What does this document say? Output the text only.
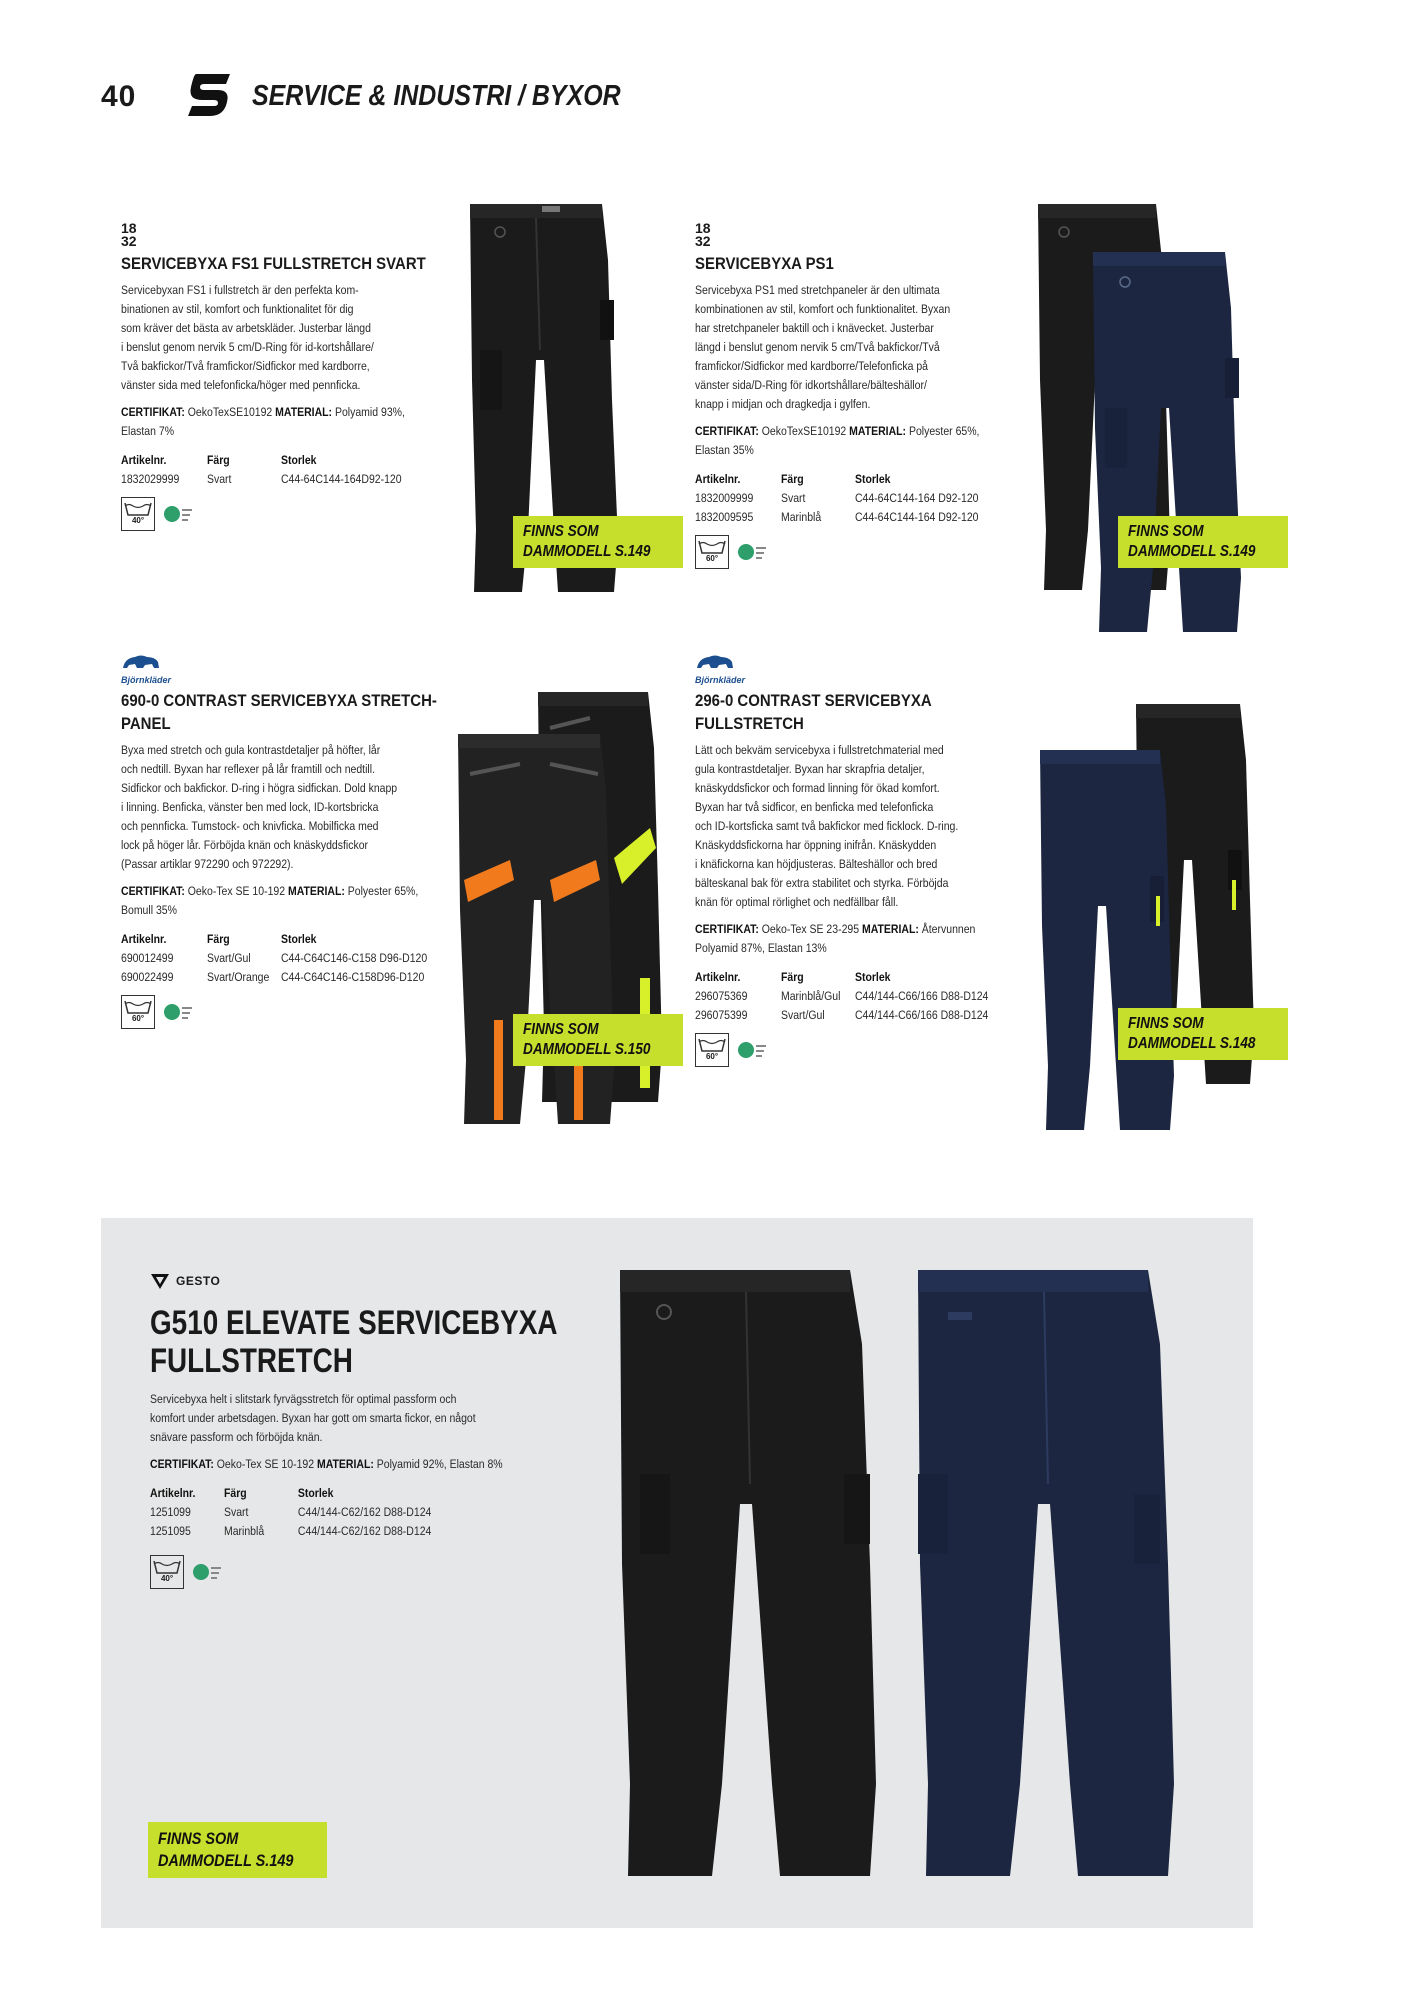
40	SERVICE & INDUSTRI / BYXOR
18
32
SERVICEBYXA FS1 FULLSTRETCH SVART
Servicebyxan FS1 i fullstretch är den perfekta kom-
binationen av stil, komfort och funktionalitet för dig
som kräver det bästa av arbetskläder. Justerbar längd
i benslut genom nervik 5 cm/D-Ring för id-kortshållare/
Två bakfickor/Två framfickor/Sidfickor med kardborre,
vänster sida med telefonficka/höger med pennficka.
CERTIFIKAT: OekoTexSE10192 MATERIAL: Polyamid 93%, Elastan 7%
Artikelnr.	Färg	Storlek
1832029999	Svart	C44-64C144-164D92-120
40°
FINNS SOM
DAMMODELL S.149
18
32
SERVICEBYXA PS1
Servicebyxa PS1 med stretchpaneler är den ultimata
kombinationen av stil, komfort och funktionalitet. Byxan
har stretchpaneler baktill och i knävecket. Justerbar
längd i benslut genom nervik 5 cm/Två bakfickor/Två
framfickor/Sidfickor med kardborre/Telefonficka på
vänster sida/D-Ring för idkortshållare/bälteshällor/
knapp i midjan och dragkedja i gylfen.
CERTIFIKAT: OekoTexSE10192 MATERIAL: Polyester 65%, Elastan 35%
Artikelnr.	Färg	Storlek
1832009999	Svart	C44-64C144-164 D92-120
1832009595	Marinblå	C44-64C144-164 D92-120
60°
FINNS SOM
DAMMODELL S.149
Björnkläder
690-0 CONTRAST SERVICEBYXA STRETCH-
PANEL
Byxa med stretch och gula kontrastdetaljer på höfter, lår
och nedtill. Byxan har reflexer på lår framtill och nedtill.
Sidfickor och bakfickor. D-ring i högra sidfickan. Dold knapp
i linning. Benficka, vänster ben med lock, ID-kortsbricka
och pennficka. Tumstock- och knivficka. Mobilficka med
lock på höger lår. Förböjda knän och knäskyddsfickor
(Passar artiklar 972290 och 972292).
CERTIFIKAT: Oeko-Tex SE 10-192 MATERIAL: Polyester 65%, Bomull 35%
Artikelnr.	Färg	Storlek
690012499	Svart/Gul	C44-C64C146-C158 D96-D120
690022499	Svart/Orange C44-C64C146-C158D96-D120
60°
FINNS SOM
DAMMODELL S.150
Björnkläder
296-0 CONTRAST SERVICEBYXA
FULLSTRETCH
Lätt och bekväm servicebyxa i fullstretchmaterial med
gula kontrastdetaljer. Byxan har skrapfria detaljer,
knäskyddsfickor och formad linning för ökad komfort.
Byxan har två sidficor, en benficka med telefonficka
och ID-kortsficka samt två bakfickor med ficklock. D-ring.
Knäskyddsfickorna har öppning inifrån. Knäskydden
i knäfickorna kan höjdjusteras. Bälteshällor och bred
bälteskanal bak för extra stabilitet och styrka. Förböjda
knän för optimal rörlighet och nedfällbar fåll.
CERTIFIKAT: Oeko-Tex SE 23-295 MATERIAL: Återvunnen Polyamid 87%, Elastan 13%
Artikelnr.	Färg	Storlek
296075369	Marinblå/Gul	C44/144-C66/166 D88-D124
296075399	Svart/Gul	C44/144-C66/166 D88-D124
60°
FINNS SOM
DAMMODELL S.148
GESTO
G510 ELEVATE SERVICEBYXA
FULLSTRETCH
Servicebyxa helt i slitstark fyrvägsstretch för optimal passform och
komfort under arbetsdagen. Byxan har gott om smarta fickor, en något
snävare passform och förböjda knän.
CERTIFIKAT: Oeko-Tex SE 10-192 MATERIAL: Polyamid 92%, Elastan 8%
Artikelnr.	Färg	Storlek
1251099	Svart	C44/144-C62/162 D88-D124
1251095	Marinblå	C44/144-C62/162 D88-D124
40°
FINNS SOM
DAMMODELL S.149
